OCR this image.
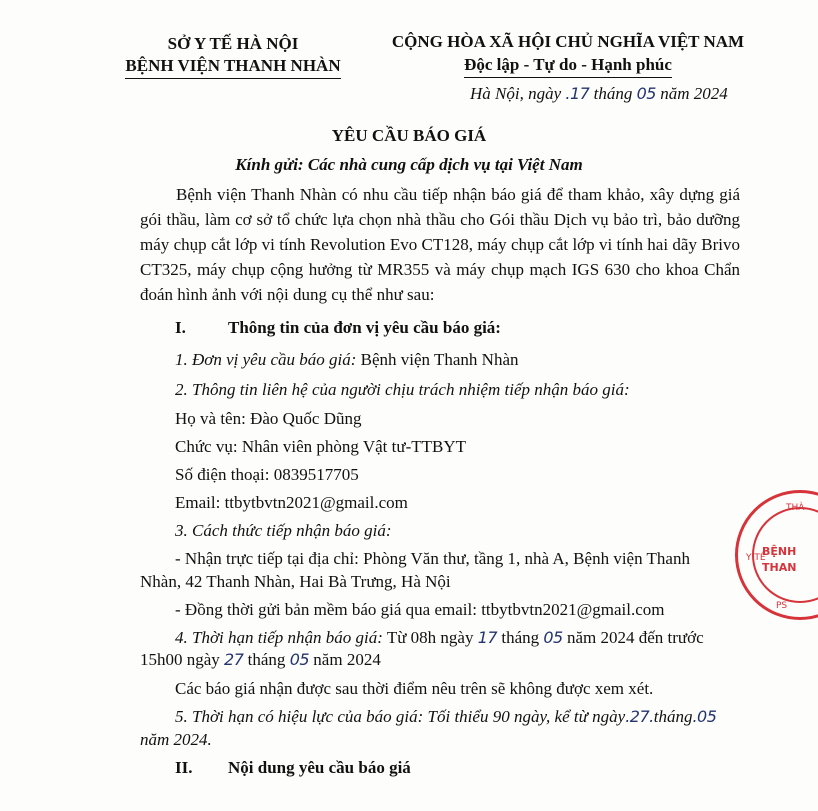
SỞ Y TẾ HÀ NỘI
BỆNH VIỆN THANH NHÀN
CỘNG HÒA XÃ HỘI CHỦ NGHĨA VIỆT NAM
Độc lập - Tự do - Hạnh phúc
Hà Nội, ngày .17 tháng 05 năm 2024
YÊU CẦU BÁO GIÁ
Kính gửi: Các nhà cung cấp dịch vụ tại Việt Nam
Bệnh viện Thanh Nhàn có nhu cầu tiếp nhận báo giá để tham khảo, xây dựng giá gói thầu, làm cơ sở tổ chức lựa chọn nhà thầu cho Gói thầu Dịch vụ bảo trì, bảo dưỡng máy chụp cắt lớp vi tính Revolution Evo CT128, máy chụp cắt lớp vi tính hai dãy Brivo CT325, máy chụp cộng hưởng từ MR355 và máy chụp mạch IGS 630 cho khoa Chẩn đoán hình ảnh với nội dung cụ thể như sau:
I. Thông tin của đơn vị yêu cầu báo giá:
1. Đơn vị yêu cầu báo giá: Bệnh viện Thanh Nhàn
2. Thông tin liên hệ của người chịu trách nhiệm tiếp nhận báo giá:
Họ và tên: Đào Quốc Dũng
Chức vụ: Nhân viên phòng Vật tư-TTBYT
Số điện thoại: 0839517705
Email: ttbytbvtn2021@gmail.com
3. Cách thức tiếp nhận báo giá:
- Nhận trực tiếp tại địa chỉ: Phòng Văn thư, tầng 1, nhà A, Bệnh viện Thanh
Nhàn, 42 Thanh Nhàn, Hai Bà Trưng, Hà Nội
- Đồng thời gửi bản mềm báo giá qua email: ttbytbvtn2021@gmail.com
4. Thời hạn tiếp nhận báo giá: Từ 08h ngày 17 tháng 05 năm 2024 đến trước
15h00 ngày 27 tháng 05 năm 2024
Các báo giá nhận được sau thời điểm nêu trên sẽ không được xem xét.
5. Thời hạn có hiệu lực của báo giá: Tối thiểu 90 ngày, kể từ ngày.27.tháng.05
năm 2024.
II. Nội dung yêu cầu báo giá
THÀ
Y TẾ
BỆNH
THAN
PS
